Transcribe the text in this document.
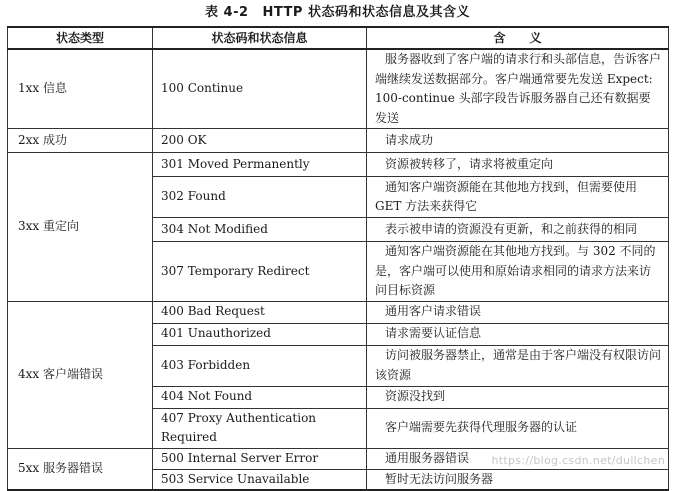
表 4-2 HTTP 状态码和状态信息及其含义
状态类型	状态码和状态信息	含　　义
1xx 信息	100 Continue	服务器收到了客户端的请求行和头部信息，告诉客户端继续发送数据部分。客户端通常要先发送 Expect: 100-continue 头部字段告诉服务器自己还有数据要发送
2xx 成功	200 OK	请求成功
3xx 重定向	301 Moved Permanently	资源被转移了，请求将被重定向
	302 Found	通知客户端资源能在其他地方找到，但需要使用 GET 方法来获得它
	304 Not Modified	表示被申请的资源没有更新，和之前获得的相同
	307 Temporary Redirect	通知客户端资源能在其他地方找到。与 302 不同的是，客户端可以使用和原始请求相同的请求方法来访问目标资源
4xx 客户端错误	400 Bad Request	通用客户请求错误
	401 Unauthorized	请求需要认证信息
	403 Forbidden	访问被服务器禁止，通常是由于客户端没有权限访问该资源
	404 Not Found	资源没找到
	407 Proxy Authentication Required	客户端需要先获得代理服务器的认证
5xx 服务器错误	500 Internal Server Error	通用服务器错误
	503 Service Unavailable	暂时无法访问服务器
https://blog.csdn.net/dullchen
